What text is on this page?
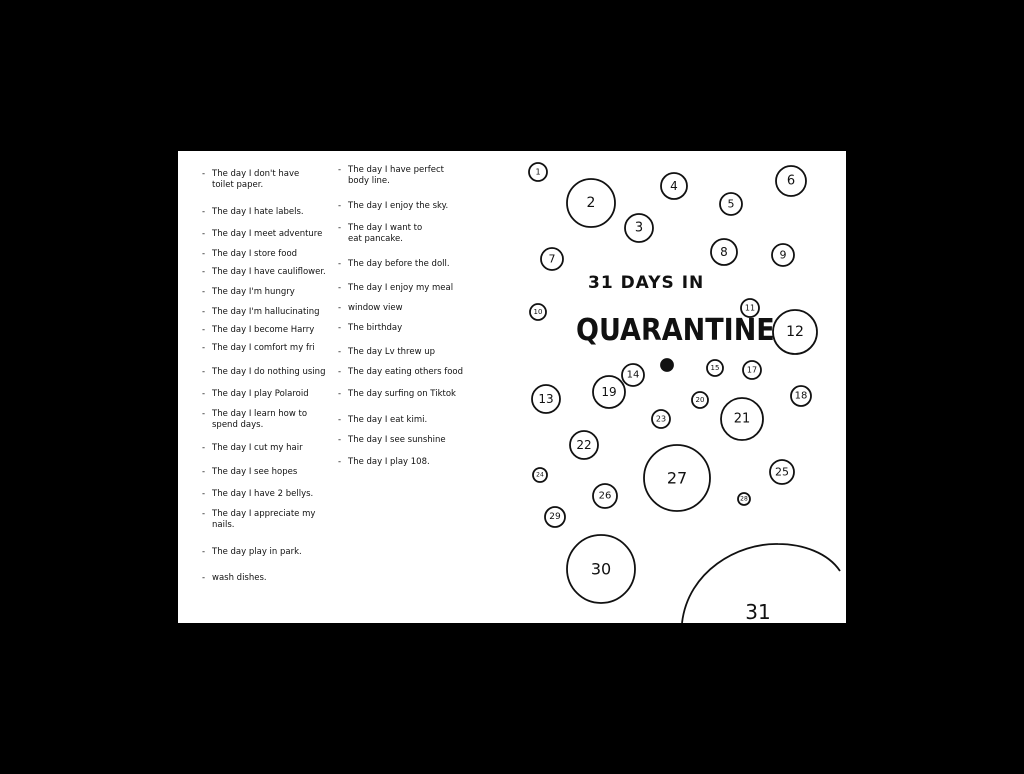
- The day I don't have
toilet paper.
- The day I hate labels.
- The day I meet adventure
- The day I store food
- The day I have cauliflower.
- The day I'm hungry
- The day I'm hallucinating
- The day I become Harry
- The day I comfort my fri
- The day I do nothing using
- The day I play Polaroid
- The day I learn how to
spend days.
- The day I cut my hair
- The day I see hopes
- The day I have 2 bellys.
- The day I appreciate my
nails.
- The day play in park.
- wash dishes.
- The day I have perfect
body line.
- The day I enjoy the sky.
- The day I want to
eat pancake.
- The day before the doll.
- The day I enjoy my meal
- window view
- The birthday
- The day Lv threw up
- The day eating others food
- The day surfing on Tiktok
- The day I eat kimi.
- The day I see sunshine
- The day I play 108.
1
2
3
4
5
6
7	8	9
10	11
12
13
14
15	17
18
19
20
21
22
23
24	25
26
27
28
29
30
31
31 DAYS IN
QUARANTINE
